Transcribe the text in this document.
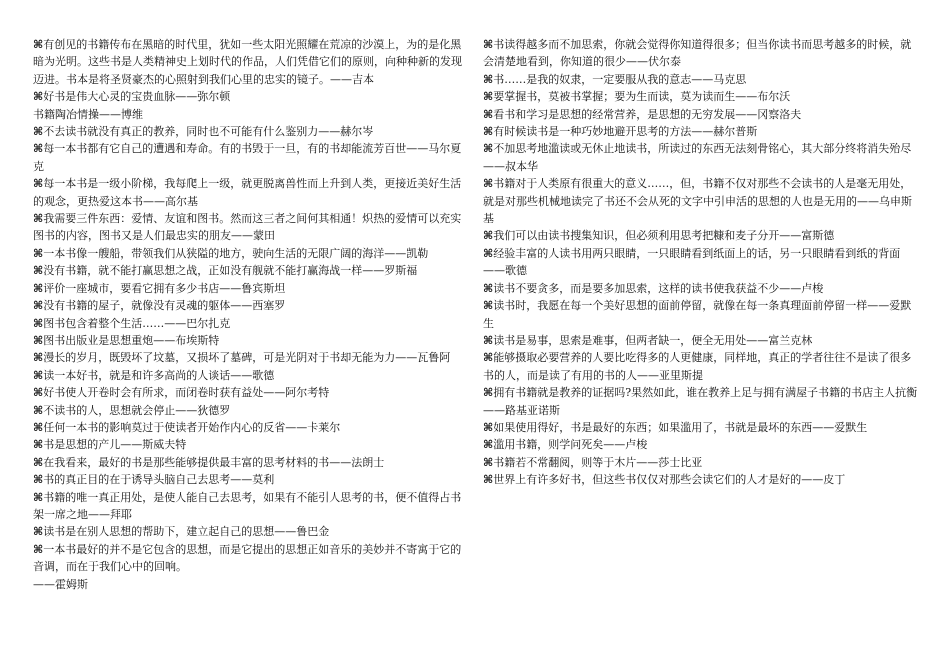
⌘有创见的书籍传布在黑暗的时代里，犹如一些太阳光照耀在荒凉的沙漠上，为的是化黑暗为光明。这些书是人类精神史上划时代的作品，人们凭借它们的原则，向种种新的发现迈进。书本是将圣贤豪杰的心照射到我们心里的忠实的镜子。——吉本

⌘好书是伟大心灵的宝贵血脉——弥尔顿

书籍陶冶情操——博维

⌘不去读书就没有真正的教养，同时也不可能有什么鉴别力——赫尔岑

⌘每一本书都有它自己的遭遇和寿命。有的书毁于一旦，有的书却能流芳百世——马尔夏克

⌘每一本书是一级小阶梯，我每爬上一级，就更脱离兽性而上升到人类，更接近美好生活的观念，更热爱这本书——高尔基

⌘我需要三件东西：爱情、友谊和图书。然而这三者之间何其相通！炽热的爱情可以充实图书的内容，图书又是人们最忠实的朋友——蒙田

⌘一本书像一艘船，带领我们从狭隘的地方，驶向生活的无限广阔的海洋——凯勒

⌘没有书籍，就不能打赢思想之战，正如没有舰就不能打赢海战一样——罗斯福

⌘评价一座城市，要看它拥有多少书店——鲁宾斯坦

⌘没有书籍的屋子，就像没有灵魂的躯体——西塞罗

⌘图书包含着整个生活……——巴尔扎克

⌘图书出版业是思想重炮——布埃斯特

⌘漫长的岁月，既毁坏了坟墓，又损坏了墓碑，可是光阴对于书却无能为力——瓦鲁阿

⌘读一本好书，就是和许多高尚的人谈话——歌德

⌘好书使人开卷时会有所求，而闭卷时获有益处——阿尔考特

⌘不读书的人，思想就会停止——狄德罗

⌘任何一本书的影响莫过于使读者开始作内心的反省——卡莱尔

⌘书是思想的产儿——斯威夫特

⌘在我看来，最好的书是那些能够提供最丰富的思考材料的书——法朗士

⌘书的真正目的在于诱导头脑自己去思考——莫利

⌘书籍的唯一真正用处，是使人能自己去思考，如果有不能引人思考的书，便不值得占书架一席之地——拜耶

⌘读书是在别人思想的帮助下，建立起自己的思想——鲁巴金

⌘一本书最好的并不是它包含的思想，而是它提出的思想正如音乐的美妙并不寄寓于它的音调，而在于我们心中的回响。

——霍姆斯

⌘书读得越多而不加思索，你就会觉得你知道得很多；但当你读书而思考越多的时候，就会清楚地看到，你知道的很少——伏尔泰

⌘书……是我的奴隶，一定要服从我的意志——马克思

⌘要掌握书，莫被书掌握；要为生而读，莫为读而生——布尔沃

⌘看书和学习是思想的经常营养，是思想的无穷发展——冈察洛夫

⌘有时候读书是一种巧妙地避开思考的方法——赫尔普斯

⌘不加思考地滥读或无休止地读书，所读过的东西无法刻骨铭心，其大部分终将消失殆尽——叔本华

⌘书籍对于人类原有很重大的意义……，但，书籍不仅对那些不会读书的人是毫无用处，就是对那些机械地读完了书还不会从死的文字中引申活的思想的人也是无用的——乌申斯基

⌘我们可以由读书搜集知识，但必须利用思考把糠和麦子分开——富斯德

⌘经验丰富的人读书用两只眼睛，一只眼睛看到纸面上的话，另一只眼睛看到纸的背面——歌德

⌘读书不要贪多，而是要多加思索，这样的读书使我获益不少——卢梭

⌘读书时，我愿在每一个美好思想的面前停留，就像在每一条真理面前停留一样——爱默生

⌘读书是易事，思索是难事，但两者缺一，便全无用处——富兰克林

⌘能够摄取必要营养的人要比吃得多的人更健康，同样地，真正的学者往往不是读了很多书的人，而是读了有用的书的人——亚里斯提

⌘拥有书籍就是教养的证据吗?果然如此，谁在教养上足与拥有满屋子书籍的书店主人抗衡——路基亚诺斯

⌘如果使用得好，书是最好的东西；如果滥用了，书就是最坏的东西——爱默生

⌘滥用书籍，则学问死矣——卢梭

⌘书籍若不常翻阅，则等于木片——莎士比亚

⌘世界上有许多好书，但这些书仅仅对那些会读它们的人才是好的——皮丁
